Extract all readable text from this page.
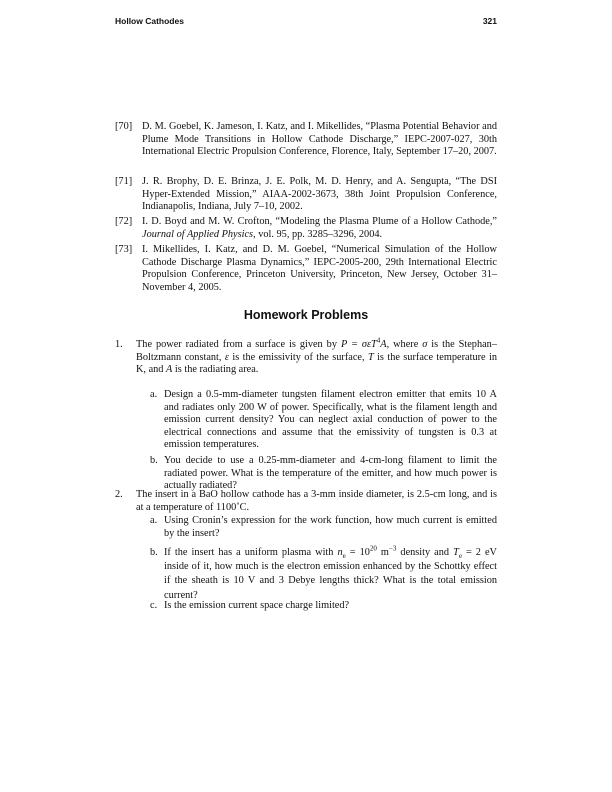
Hollow Cathodes	321
[70] D. M. Goebel, K. Jameson, I. Katz, and I. Mikellides, “Plasma Potential Behavior and Plume Mode Transitions in Hollow Cathode Discharge,” IEPC-2007-027, 30th International Electric Propulsion Conference, Florence, Italy, September 17–20, 2007.
[71] J. R. Brophy, D. E. Brinza, J. E. Polk, M. D. Henry, and A. Sengupta, “The DSI Hyper-Extended Mission,” AIAA-2002-3673, 38th Joint Propulsion Conference, Indianapolis, Indiana, July 7–10, 2002.
[72] I. D. Boyd and M. W. Crofton, “Modeling the Plasma Plume of a Hollow Cathode,” Journal of Applied Physics, vol. 95, pp. 3285–3296, 2004.
[73] I. Mikellides, I. Katz, and D. M. Goebel, “Numerical Simulation of the Hollow Cathode Discharge Plasma Dynamics,” IEPC-2005-200, 29th International Electric Propulsion Conference, Princeton University, Princeton, New Jersey, October 31–November 4, 2005.
Homework Problems
1. The power radiated from a surface is given by P = σεT$^4$A, where σ is the Stephan–Boltzmann constant, ε is the emissivity of the surface, T is the surface temperature in K, and A is the radiating area.
a. Design a 0.5-mm-diameter tungsten filament electron emitter that emits 10 A and radiates only 200 W of power. Specifically, what is the filament length and emission current density? You can neglect axial conduction of power to the electrical connections and assume that the emissivity of tungsten is 0.3 at emission temperatures.
b. You decide to use a 0.25-mm-diameter and 4-cm-long filament to limit the radiated power. What is the temperature of the emitter, and how much power is actually radiated?
2. The insert in a BaO hollow cathode has a 3-mm inside diameter, is 2.5-cm long, and is at a temperature of 1100˚C.
a. Using Cronin’s expression for the work function, how much current is emitted by the insert?
b. If the insert has a uniform plasma with $n_e = 10^{20}$ $m^{-3}$ density and $T_e = 2$ eV inside of it, how much is the electron emission enhanced by the Schottky effect if the sheath is 10 V and 3 Debye lengths thick? What is the total emission current?
c. Is the emission current space charge limited?
